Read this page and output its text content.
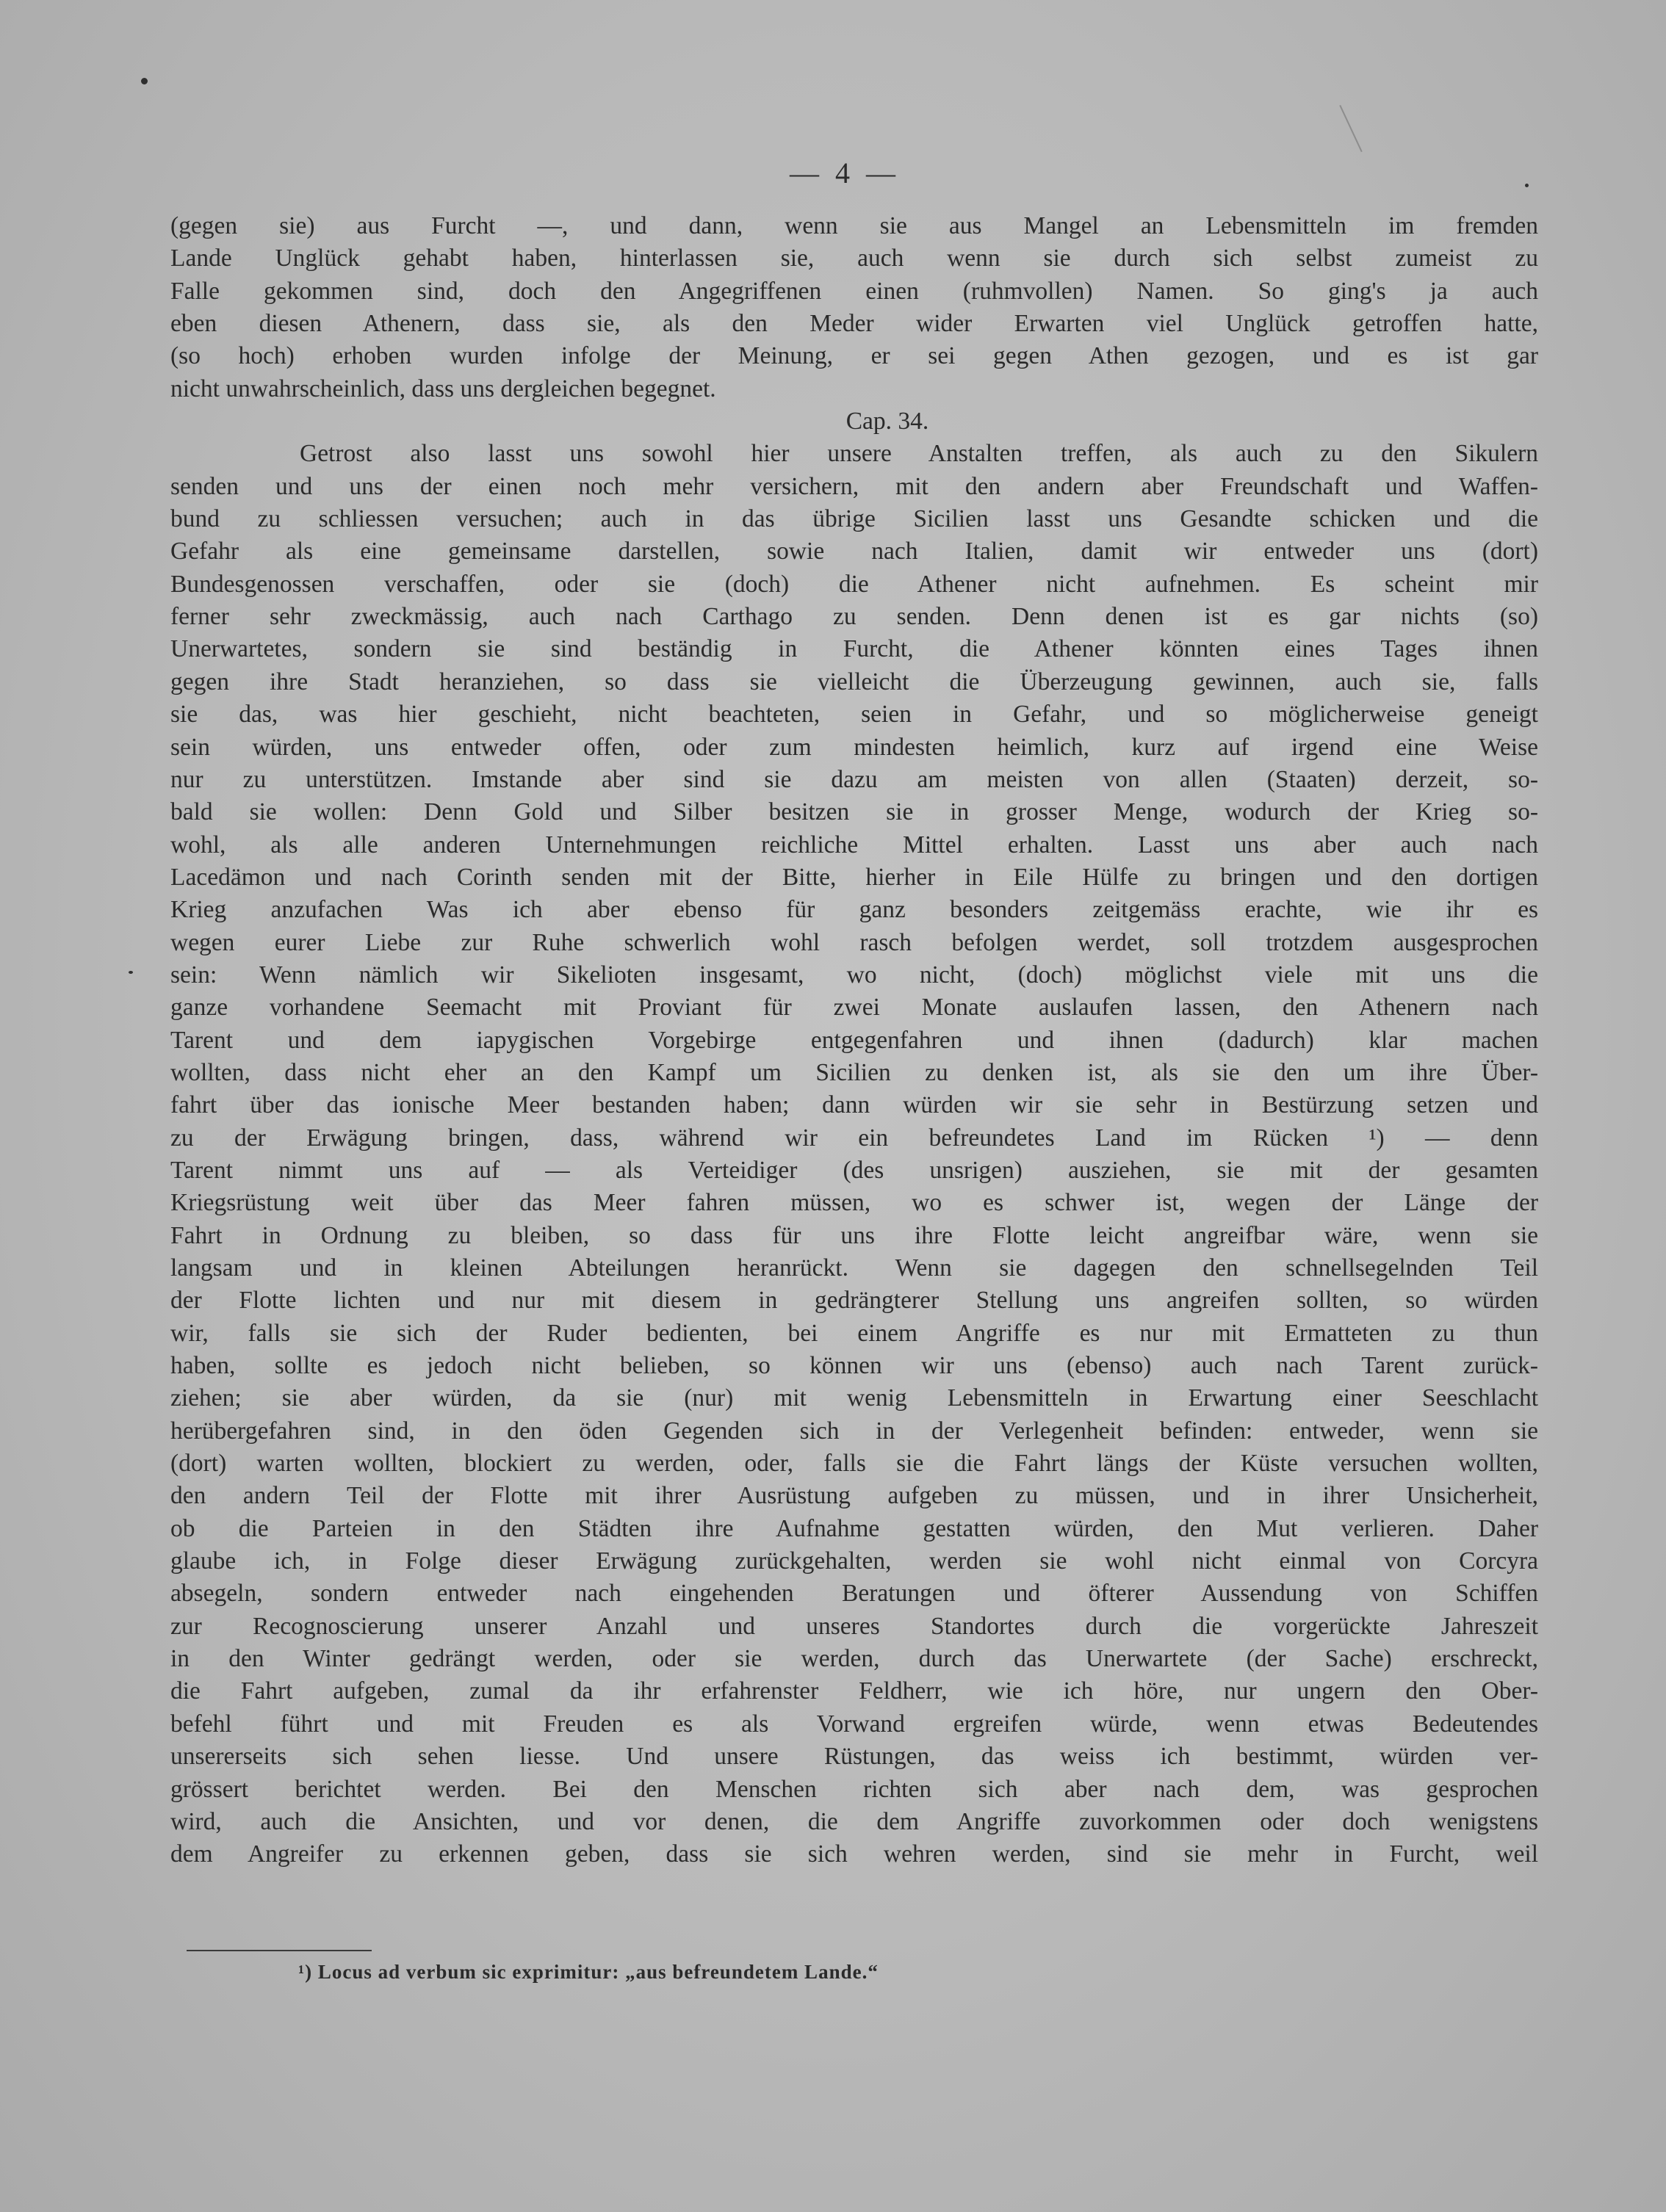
— 4 —
(gegen sie) aus Furcht —, und dann, wenn sie aus Mangel an Lebensmitteln im fremden
Lande Unglück gehabt haben, hinterlassen sie, auch wenn sie durch sich selbst zumeist zu
Falle gekommen sind, doch den Angegriffenen einen (ruhmvollen) Namen. So ging's ja auch
eben diesen Athenern, dass sie, als den Meder wider Erwarten viel Unglück getroffen hatte,
(so hoch) erhoben wurden infolge der Meinung, er sei gegen Athen gezogen, und es ist gar
nicht unwahrscheinlich, dass uns dergleichen begegnet.
Cap. 34.
Getrost also lasst uns sowohl hier unsere Anstalten treffen, als auch zu den Sikulern
senden und uns der einen noch mehr versichern, mit den andern aber Freundschaft und Waffen-
bund zu schliessen versuchen; auch in das übrige Sicilien lasst uns Gesandte schicken und die
Gefahr als eine gemeinsame darstellen, sowie nach Italien, damit wir entweder uns (dort)
Bundesgenossen verschaffen, oder sie (doch) die Athener nicht aufnehmen. Es scheint mir
ferner sehr zweckmässig, auch nach Carthago zu senden. Denn denen ist es gar nichts (so)
Unerwartetes, sondern sie sind beständig in Furcht, die Athener könnten eines Tages ihnen
gegen ihre Stadt heranziehen, so dass sie vielleicht die Überzeugung gewinnen, auch sie, falls
sie das, was hier geschieht, nicht beachteten, seien in Gefahr, und so möglicherweise geneigt
sein würden, uns entweder offen, oder zum mindesten heimlich, kurz auf irgend eine Weise
nur zu unterstützen. Imstande aber sind sie dazu am meisten von allen (Staaten) derzeit, so-
bald sie wollen: Denn Gold und Silber besitzen sie in grosser Menge, wodurch der Krieg so-
wohl, als alle anderen Unternehmungen reichliche Mittel erhalten. Lasst uns aber auch nach
Lacedämon und nach Corinth senden mit der Bitte, hierher in Eile Hülfe zu bringen und den dortigen
Krieg anzufachen Was ich aber ebenso für ganz besonders zeitgemäss erachte, wie ihr es
wegen eurer Liebe zur Ruhe schwerlich wohl rasch befolgen werdet, soll trotzdem ausgesprochen
sein: Wenn nämlich wir Sikelioten insgesamt, wo nicht, (doch) möglichst viele mit uns die
ganze vorhandene Seemacht mit Proviant für zwei Monate auslaufen lassen, den Athenern nach
Tarent und dem iapygischen Vorgebirge entgegenfahren und ihnen (dadurch) klar machen
wollten, dass nicht eher an den Kampf um Sicilien zu denken ist, als sie den um ihre Über-
fahrt über das ionische Meer bestanden haben; dann würden wir sie sehr in Bestürzung setzen und
zu der Erwägung bringen, dass, während wir ein befreundetes Land im Rücken ¹) — denn
Tarent nimmt uns auf — als Verteidiger (des unsrigen) ausziehen, sie mit der gesamten
Kriegsrüstung weit über das Meer fahren müssen, wo es schwer ist, wegen der Länge der
Fahrt in Ordnung zu bleiben, so dass für uns ihre Flotte leicht angreifbar wäre, wenn sie
langsam und in kleinen Abteilungen heranrückt. Wenn sie dagegen den schnellsegelnden Teil
der Flotte lichten und nur mit diesem in gedrängterer Stellung uns angreifen sollten, so würden
wir, falls sie sich der Ruder bedienten, bei einem Angriffe es nur mit Ermatteten zu thun
haben, sollte es jedoch nicht belieben, so können wir uns (ebenso) auch nach Tarent zurück-
ziehen; sie aber würden, da sie (nur) mit wenig Lebensmitteln in Erwartung einer Seeschlacht
herübergefahren sind, in den öden Gegenden sich in der Verlegenheit befinden: entweder, wenn sie
(dort) warten wollten, blockiert zu werden, oder, falls sie die Fahrt längs der Küste versuchen wollten,
den andern Teil der Flotte mit ihrer Ausrüstung aufgeben zu müssen, und in ihrer Unsicherheit,
ob die Parteien in den Städten ihre Aufnahme gestatten würden, den Mut verlieren. Daher
glaube ich, in Folge dieser Erwägung zurückgehalten, werden sie wohl nicht einmal von Corcyra
absegeln, sondern entweder nach eingehenden Beratungen und öfterer Aussendung von Schiffen
zur Recognoscierung unserer Anzahl und unseres Standortes durch die vorgerückte Jahreszeit
in den Winter gedrängt werden, oder sie werden, durch das Unerwartete (der Sache) erschreckt,
die Fahrt aufgeben, zumal da ihr erfahrenster Feldherr, wie ich höre, nur ungern den Ober-
befehl führt und mit Freuden es als Vorwand ergreifen würde, wenn etwas Bedeutendes
unsererseits sich sehen liesse. Und unsere Rüstungen, das weiss ich bestimmt, würden ver-
grössert berichtet werden. Bei den Menschen richten sich aber nach dem, was gesprochen
wird, auch die Ansichten, und vor denen, die dem Angriffe zuvorkommen oder doch wenigstens
dem Angreifer zu erkennen geben, dass sie sich wehren werden, sind sie mehr in Furcht, weil
¹) Locus ad verbum sic exprimitur: „aus befreundetem Lande.“
